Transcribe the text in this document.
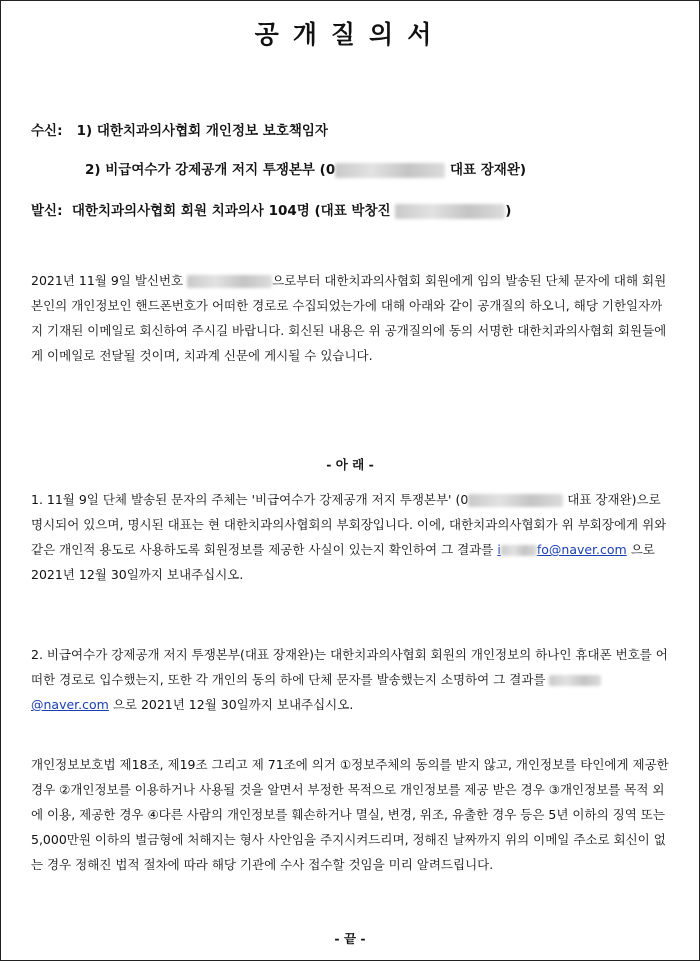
공개질의서
수신: 1) 대한치과의사협회 개인정보 보호책임자
2) 비급여수가 강제공개 저지 투쟁본부 (0	대표 장재완)
발신: 대한치과의사협회 회원 치과의사 104명 (대표 박창진	)
2021년 11월 9일 발신번호	으로부터 대한치과의사협회 회원에게 임의 발송된 단체 문자에 대해 회원 본인의 개인정보인 핸드폰번호가 어떠한 경로로 수집되었는가에 대해 아래와 같이 공개질의 하오니, 해당 기한일자까지 기재된 이메일로 회신하여 주시길 바랍니다. 회신된 내용은 위 공개질의에 동의 서명한 대한치과의사협회 회원들에게 이메일로 전달될 것이며, 치과계 신문에 게시될 수 있습니다.
- 아 래 -
1. 11월 9일 단체 발송된 문자의 주체는 '비급여수가 강제공개 저지 투쟁본부' (0	대표 장재완)으로 명시되어 있으며, 명시된 대표는 현 대한치과의사협회의 부회장입니다. 이에, 대한치과의사협회가 위 부회장에게 위와 같은 개인적 용도로 사용하도록 회원정보를 제공한 사실이 있는지 확인하여 그 결과를 i	fo@naver.com 으로 2021년 12월 30일까지 보내주십시오.
2. 비급여수가 강제공개 저지 투쟁본부(대표 장재완)는 대한치과의사협회 회원의 개인정보의 하나인 휴대폰 번호를 어떠한 경로로 입수했는지, 또한 각 개인의 동의 하에 단체 문자를 발송했는지 소명하여 그 결과를 @naver.com 으로 2021년 12월 30일까지 보내주십시오.
개인정보보호법 제18조, 제19조 그리고 제 71조에 의거 ①정보주체의 동의를 받지 않고, 개인정보를 타인에게 제공한 경우 ②개인정보를 이용하거나 사용될 것을 알면서 부정한 목적으로 개인정보를 제공 받은 경우 ③개인정보를 목적 외에 이용, 제공한 경우 ④다른 사람의 개인정보를 훼손하거나 멸실, 변경, 위조, 유출한 경우 등은 5년 이하의 징역 또는 5,000만원 이하의 벌금형에 처해지는 형사 사안임을 주지시켜드리며, 정해진 날짜까지 위의 이메일 주소로 회신이 없는 경우 정해진 법적 절차에 따라 해당 기관에 수사 접수할 것임을 미리 알려드립니다.
- 끝 -
